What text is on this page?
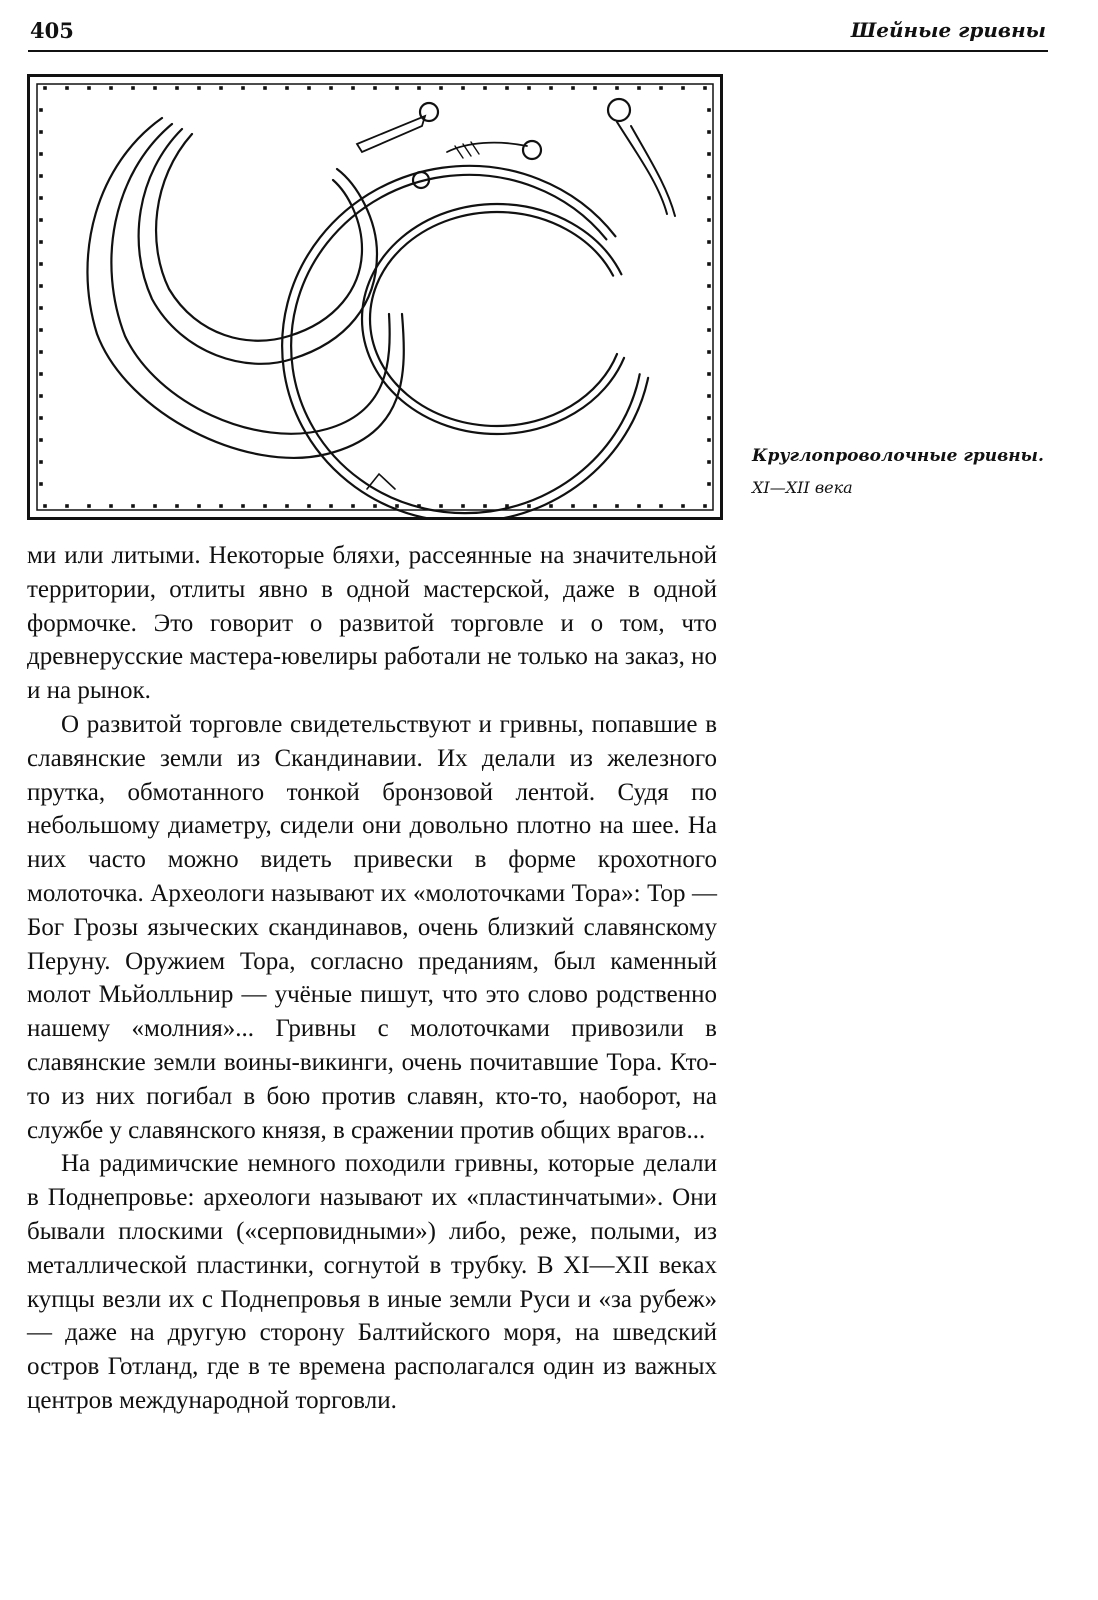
405	Шейные гривны
Круглопроволочные гривны.
XI—XII века

ми или литыми. Некоторые бляхи, рассеянные на значительной территории, отлиты явно в одной мастерской, даже в одной формочке. Это говорит о развитой торговле и о том, что древнерусские мастера-ювелиры работали не только на заказ, но и на рынок.

О развитой торговле свидетельствуют и гривны, попавшие в славянские земли из Скандинавии. Их делали из железного прутка, обмотанного тонкой бронзовой лентой. Судя по небольшому диаметру, сидели они довольно плотно на шее. На них часто можно видеть привески в форме крохотного молоточка. Археологи называют их «молоточками Тора»: Тор — Бог Грозы языческих скандинавов, очень близкий славянскому Перуну. Оружием Тора, согласно преданиям, был каменный молот Мьйолльнир — учёные пишут, что это слово родственно нашему «молния»... Гривны с молоточками привозили в славянские земли воины-викинги, очень почитавшие Тора. Кто-то из них погибал в бою против славян, кто-то, наоборот, на службе у славянского князя, в сражении против общих врагов...

На радимичские немного походили гривны, которые делали в Поднепровье: археологи называют их «пластинчатыми». Они бывали плоскими («серповидными») либо, реже, полыми, из металлической пластинки, согнутой в трубку. В XI—XII веках купцы везли их с Поднепровья в иные земли Руси и «за рубеж» — даже на другую сторону Балтийского моря, на шведский остров Готланд, где в те времена располагался один из важных центров международной торговли.
